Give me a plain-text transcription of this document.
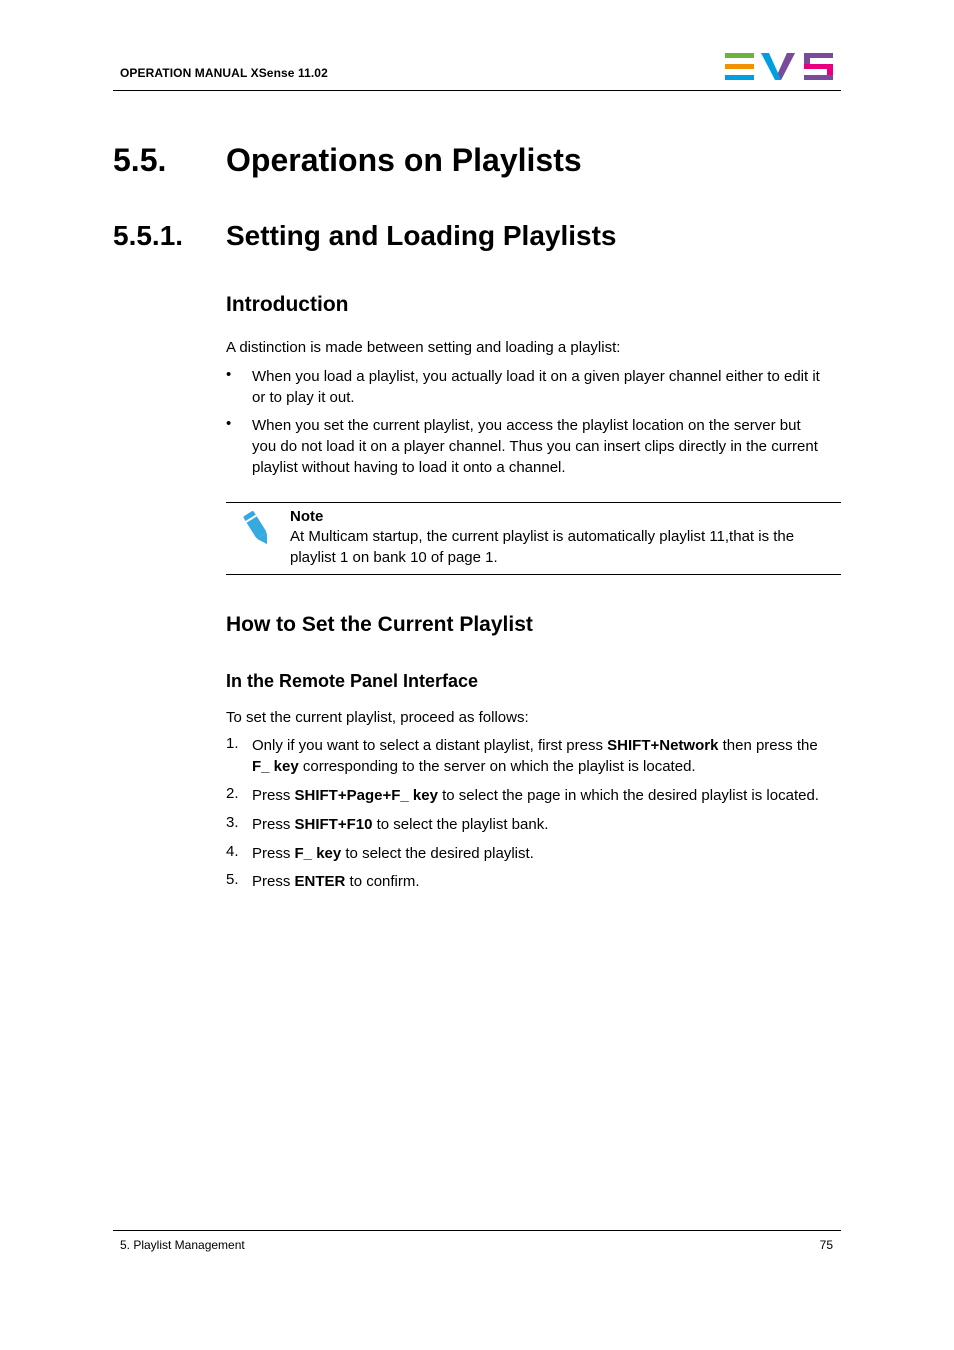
OPERATION MANUAL XSense 11.02
5.5. Operations on Playlists
5.5.1. Setting and Loading Playlists
Introduction
A distinction is made between setting and loading a playlist:
• When you load a playlist, you actually load it on a given player channel either to edit it
or to play it out.
• When you set the current playlist, you access the playlist location on the server but
you do not load it on a player channel. Thus you can insert clips directly in the current
playlist without having to load it onto a channel.
Note
At Multicam startup, the current playlist is automatically playlist 11,that is the
playlist 1 on bank 10 of page 1.
How to Set the Current Playlist
In the Remote Panel Interface
To set the current playlist, proceed as follows:
1. Only if you want to select a distant playlist, first press SHIFT+Network then press the
F_ key corresponding to the server on which the playlist is located.
2. Press SHIFT+Page+F_ key to select the page in which the desired playlist is located.
3. Press SHIFT+F10 to select the playlist bank.
4. Press F_ key to select the desired playlist.
5. Press ENTER to confirm.
5. Playlist Management	75
